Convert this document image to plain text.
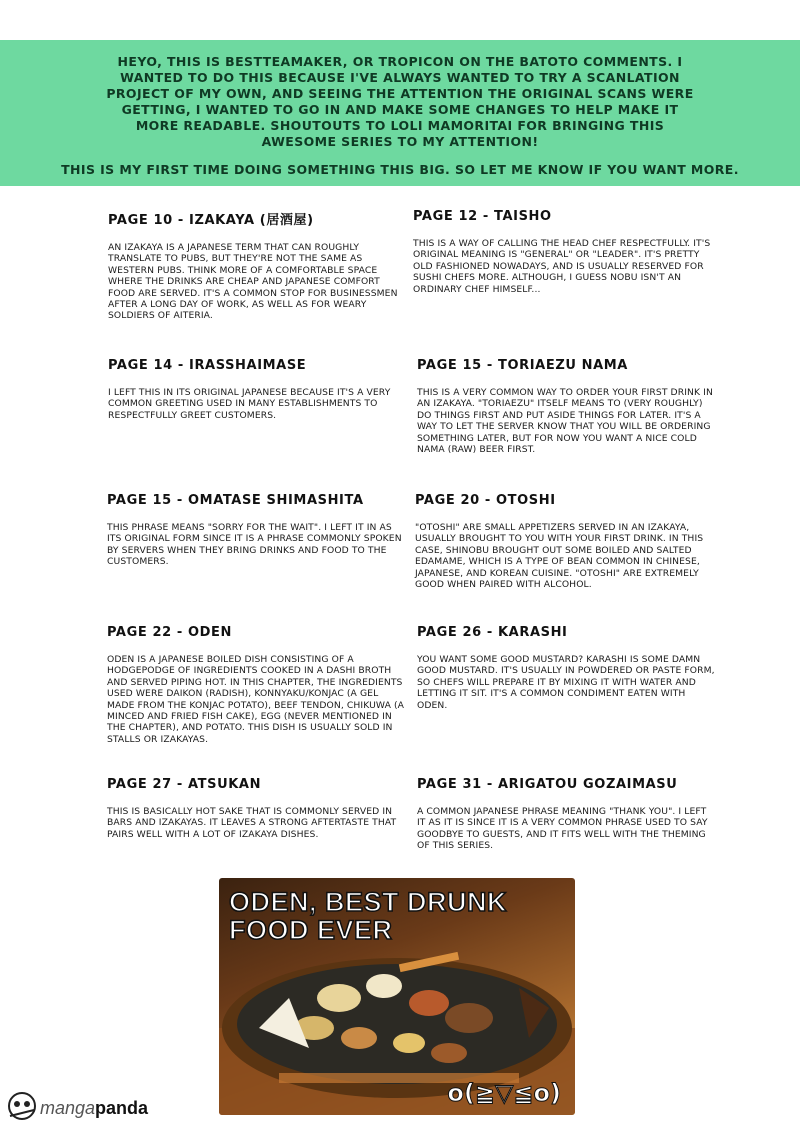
HEYO, THIS IS BESTTEAMAKER, OR TROPICON ON THE BATOTO COMMENTS. I WANTED TO DO THIS BECAUSE I'VE ALWAYS WANTED TO TRY A SCANLATION PROJECT OF MY OWN, AND SEEING THE ATTENTION THE ORIGINAL SCANS WERE GETTING, I WANTED TO GO IN AND MAKE SOME CHANGES TO HELP MAKE IT MORE READABLE. SHOUTOUTS TO LOLI MAMORITAI FOR BRINGING THIS AWESOME SERIES TO MY ATTENTION!
THIS IS MY FIRST TIME DOING SOMETHING THIS BIG. SO LET ME KNOW IF YOU WANT MORE.
PAGE 10 - IZAKAYA (居酒屋)

AN IZAKAYA IS A JAPANESE TERM THAT CAN ROUGHLY TRANSLATE TO PUBS, BUT THEY'RE NOT THE SAME AS WESTERN PUBS. THINK MORE OF A COMFORTABLE SPACE WHERE THE DRINKS ARE CHEAP AND JAPANESE COMFORT FOOD ARE SERVED. IT'S A COMMON STOP FOR BUSINESSMEN AFTER A LONG DAY OF WORK, AS WELL AS FOR WEARY SOLDIERS OF AITERIA.

PAGE 12 - TAISHO

THIS IS A WAY OF CALLING THE HEAD CHEF RESPECTFULLY. IT'S ORIGINAL MEANING IS "GENERAL" OR "LEADER". IT'S PRETTY OLD FASHIONED NOWADAYS, AND IS USUALLY RESERVED FOR SUSHI CHEFS MORE. ALTHOUGH, I GUESS NOBU ISN'T AN ORDINARY CHEF HIMSELF...

PAGE 14 - IRASSHAIMASE

I LEFT THIS IN ITS ORIGINAL JAPANESE BECAUSE IT'S A VERY COMMON GREETING USED IN MANY ESTABLISHMENTS TO RESPECTFULLY GREET CUSTOMERS.

PAGE 15 - TORIAEZU NAMA

THIS IS A VERY COMMON WAY TO ORDER YOUR FIRST DRINK IN AN IZAKAYA. "TORIAEZU" ITSELF MEANS TO (VERY ROUGHLY) DO THINGS FIRST AND PUT ASIDE THINGS FOR LATER. IT'S A WAY TO LET THE SERVER KNOW THAT YOU WILL BE ORDERING SOMETHING LATER, BUT FOR NOW YOU WANT A NICE COLD NAMA (RAW) BEER FIRST.

PAGE 15 - OMATASE SHIMASHITA

THIS PHRASE MEANS "SORRY FOR THE WAIT". I LEFT IT IN AS ITS ORIGINAL FORM SINCE IT IS A PHRASE COMMONLY SPOKEN BY SERVERS WHEN THEY BRING DRINKS AND FOOD TO THE CUSTOMERS.

PAGE 20 - OTOSHI

"OTOSHI" ARE SMALL APPETIZERS SERVED IN AN IZAKAYA, USUALLY BROUGHT TO YOU WITH YOUR FIRST DRINK. IN THIS CASE, SHINOBU BROUGHT OUT SOME BOILED AND SALTED EDAMAME, WHICH IS A TYPE OF BEAN COMMON IN CHINESE, JAPANESE, AND KOREAN CUISINE. "OTOSHI" ARE EXTREMELY GOOD WHEN PAIRED WITH ALCOHOL.

PAGE 22 - ODEN

ODEN IS A JAPANESE BOILED DISH CONSISTING OF A HODGEPODGE OF INGREDIENTS COOKED IN A DASHI BROTH AND SERVED PIPING HOT. IN THIS CHAPTER, THE INGREDIENTS USED WERE DAIKON (RADISH), KONNYAKU/KONJAC (A GEL MADE FROM THE KONJAC POTATO), BEEF TENDON, CHIKUWA (A MINCED AND FRIED FISH CAKE), EGG (NEVER MENTIONED IN THE CHAPTER), AND POTATO. THIS DISH IS USUALLY SOLD IN STALLS OR IZAKAYAS.

PAGE 26 - KARASHI

YOU WANT SOME GOOD MUSTARD? KARASHI IS SOME DAMN GOOD MUSTARD. IT'S USUALLY IN POWDERED OR PASTE FORM, SO CHEFS WILL PREPARE IT BY MIXING IT WITH WATER AND LETTING IT SIT. IT'S A COMMON CONDIMENT EATEN WITH ODEN.

PAGE 27 - ATSUKAN

THIS IS BASICALLY HOT SAKE THAT IS COMMONLY SERVED IN BARS AND IZAKAYAS. IT LEAVES A STRONG AFTERTASTE THAT PAIRS WELL WITH A LOT OF IZAKAYA DISHES.

PAGE 31 - ARIGATOU GOZAIMASU

A COMMON JAPANESE PHRASE MEANING "THANK YOU". I LEFT IT AS IT IS SINCE IT IS A VERY COMMON PHRASE USED TO SAY GOODBYE TO GUESTS, AND IT FITS WELL WITH THE THEMING OF THIS SERIES.

ODEN, BEST DRUNK FOOD EVER
o(≧▽≦o)
mangapanda
